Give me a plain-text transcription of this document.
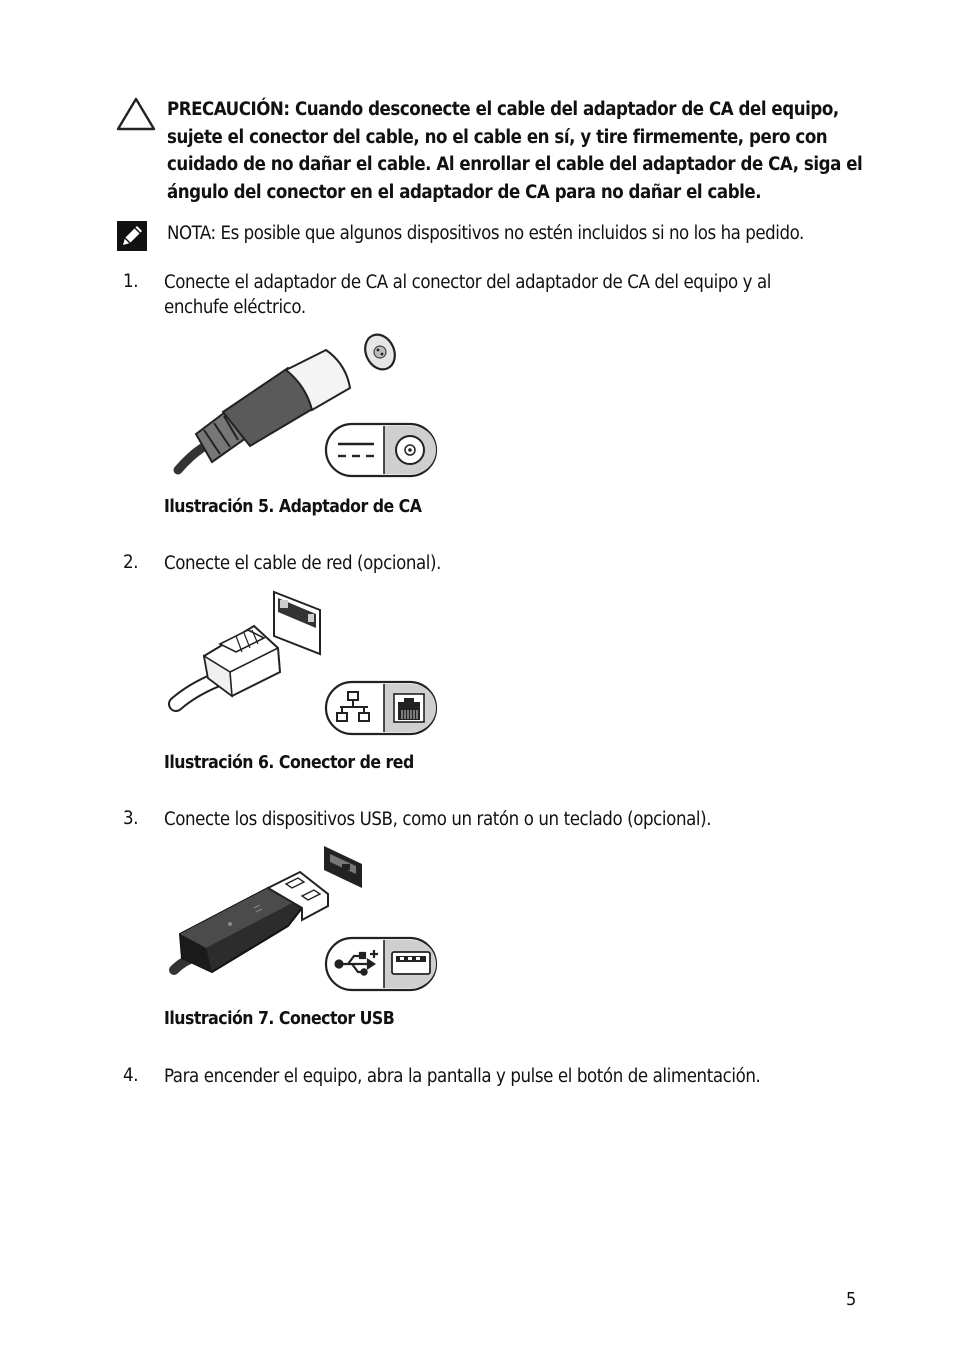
PRECAUCIÓN: Cuando desconecte el cable del adaptador de CA del equipo, sujete el conector del cable, no el cable en sí, y tire firmemente, pero con cuidado de no dañar el cable. Al enrollar el cable del adaptador de CA, siga el ángulo del conector en el adaptador de CA para no dañar el cable.
NOTA: Es posible que algunos dispositivos no estén incluidos si no los ha pedido.
1. Conecte el adaptador de CA al conector del adaptador de CA del equipo y al enchufe eléctrico.
Ilustración 5. Adaptador de CA
2. Conecte el cable de red (opcional).
Ilustración 6. Conector de red
3. Conecte los dispositivos USB, como un ratón o un teclado (opcional).
Ilustración 7. Conector USB
4. Para encender el equipo, abra la pantalla y pulse el botón de alimentación.
5
